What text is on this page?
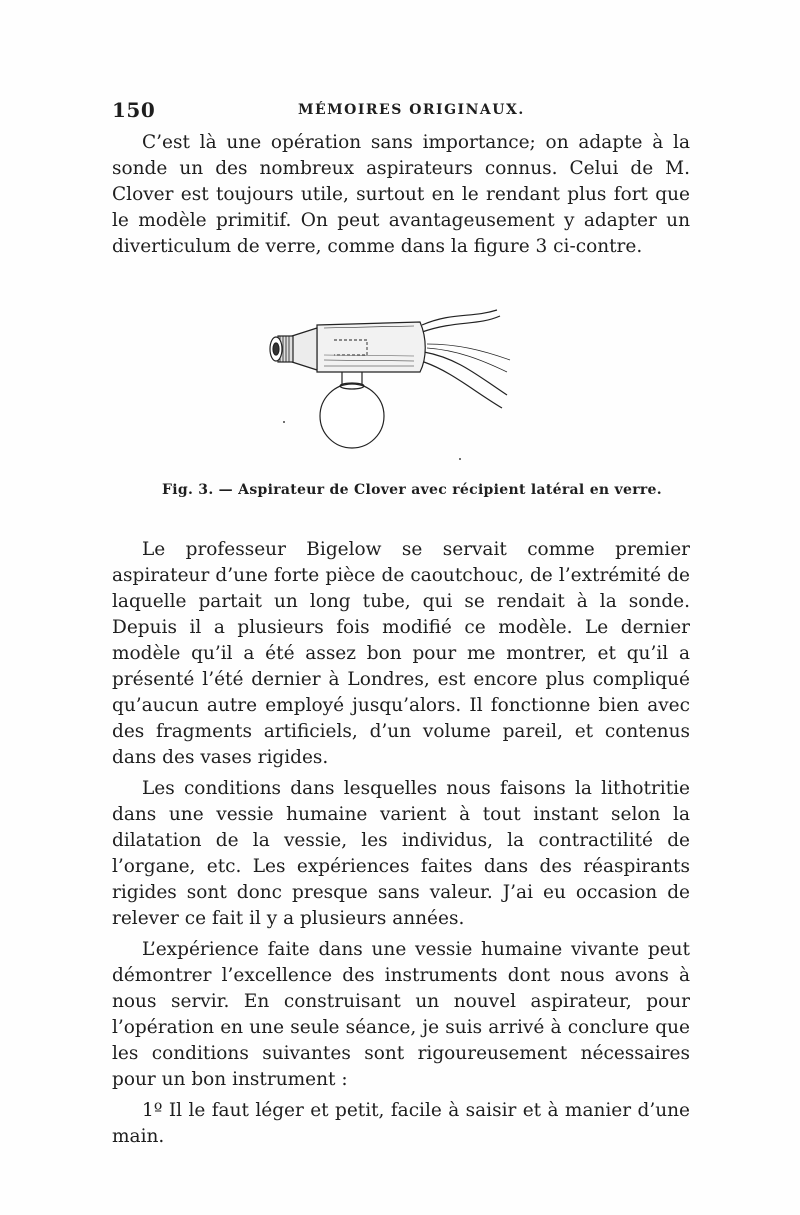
150	MÉMOIRES ORIGINAUX.

C’est là une opération sans importance; on adapte à la sonde un des nombreux aspirateurs connus. Celui de M. Clover est toujours utile, surtout en le rendant plus fort que le modèle primitif. On peut avantageusement y adapter un diverticulum de verre, comme dans la figure 3 ci-contre.

Fig. 3. — Aspirateur de Clover avec récipient latéral en verre.

Le professeur Bigelow se servait comme premier aspirateur d’une forte pièce de caoutchouc, de l’extrémité de laquelle partait un long tube, qui se rendait à la sonde. Depuis il a plusieurs fois modifié ce modèle. Le dernier modèle qu’il a été assez bon pour me montrer, et qu’il a présenté l’été dernier à Londres, est encore plus compliqué qu’aucun autre employé jusqu’alors. Il fonctionne bien avec des fragments artificiels, d’un volume pareil, et contenus dans des vases rigides.

Les conditions dans lesquelles nous faisons la lithotritie dans une vessie humaine varient à tout instant selon la dilatation de la vessie, les individus, la contractilité de l’organe, etc. Les expériences faites dans des réaspirants rigides sont donc presque sans valeur. J’ai eu occasion de relever ce fait il y a plusieurs années.

L’expérience faite dans une vessie humaine vivante peut démontrer l’excellence des instruments dont nous avons à nous servir. En construisant un nouvel aspirateur, pour l’opération en une seule séance, je suis arrivé à conclure que les conditions suivantes sont rigoureusement nécessaires pour un bon instrument :

1º Il le faut léger et petit, facile à saisir et à manier d’une main.
